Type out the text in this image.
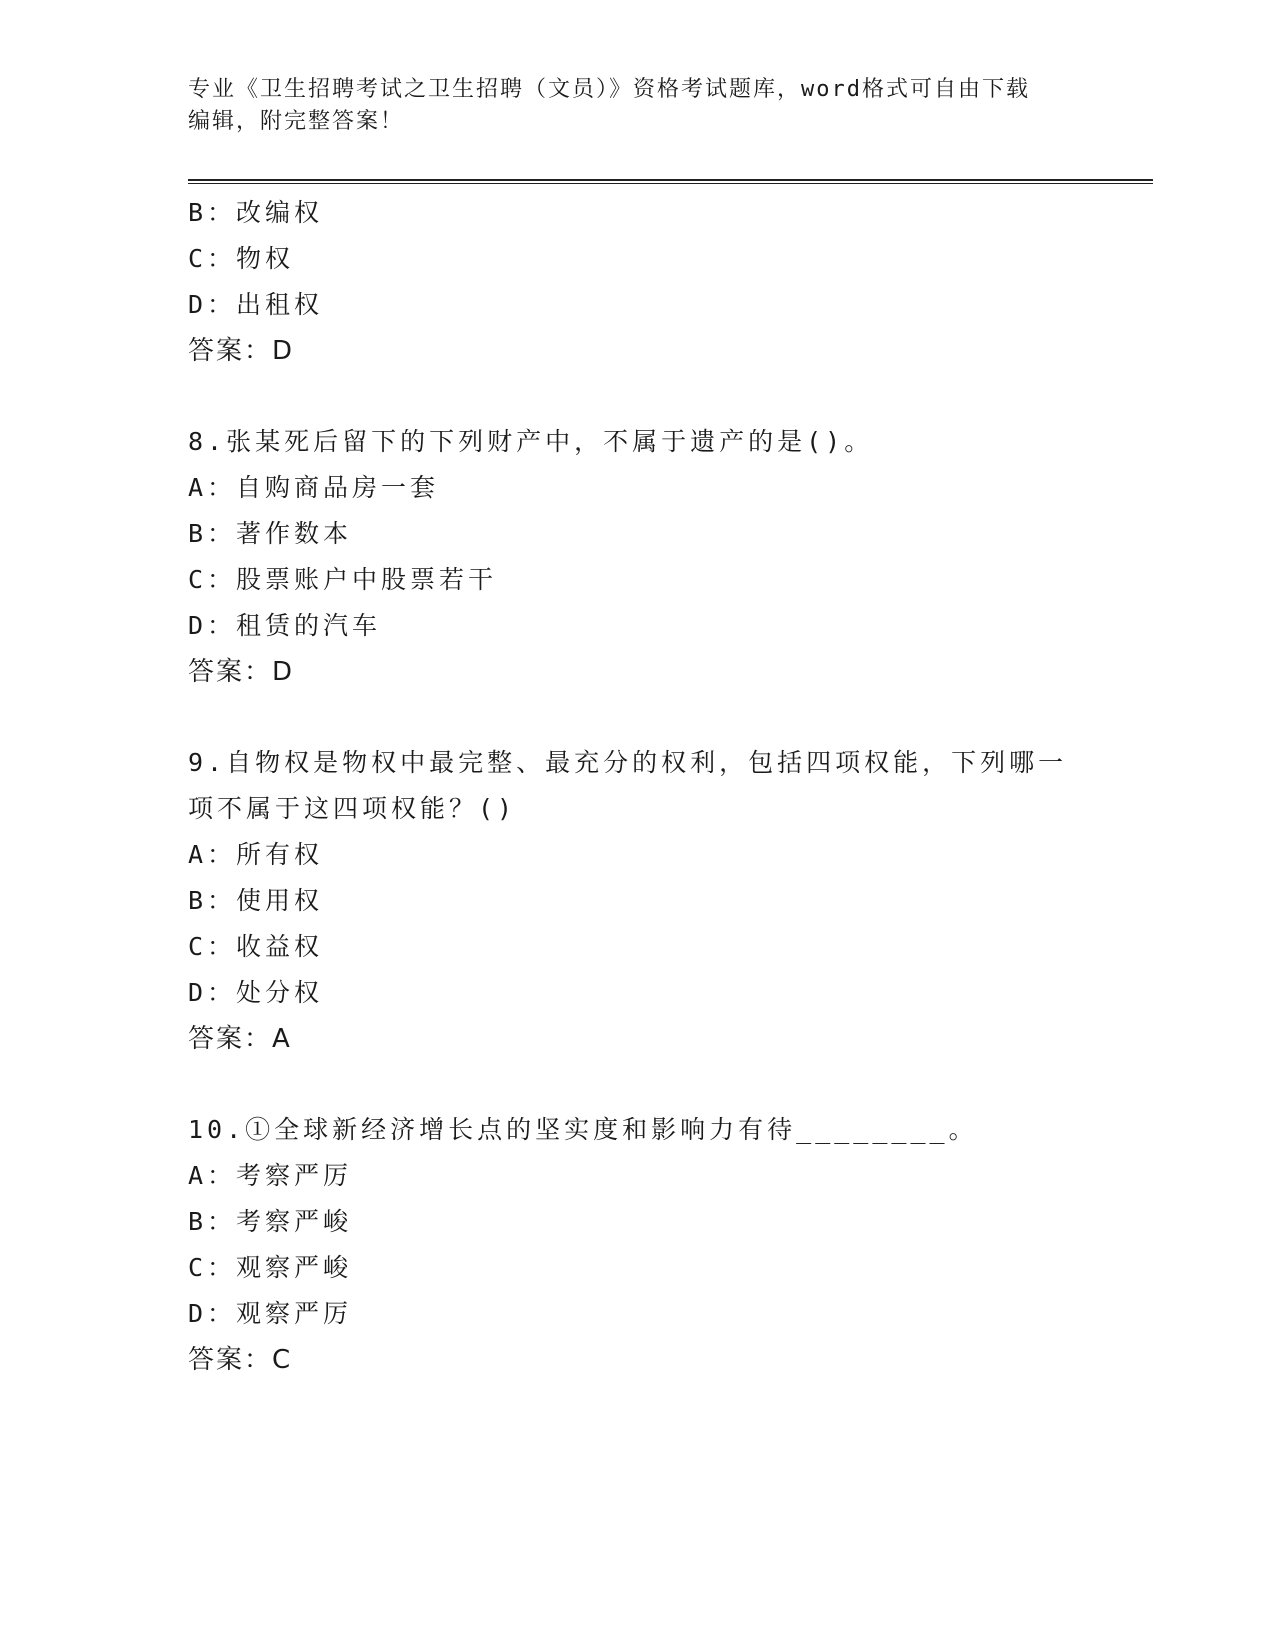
专业《卫生招聘考试之卫生招聘（文员）》资格考试题库，word格式可自由下载
编辑，附完整答案！
B：改编权
C：物权
D：出租权
答案：D
8.张某死后留下的下列财产中，不属于遗产的是()。
A：自购商品房一套
B：著作数本
C：股票账户中股票若干
D：租赁的汽车
答案：D
9.自物权是物权中最完整、最充分的权利，包括四项权能，下列哪一
项不属于这四项权能？()
A：所有权
B：使用权
C：收益权
D：处分权
答案：A
10.①全球新经济增长点的坚实度和影响力有待________。
A：考察严厉
B：考察严峻
C：观察严峻
D：观察严厉
答案：C
